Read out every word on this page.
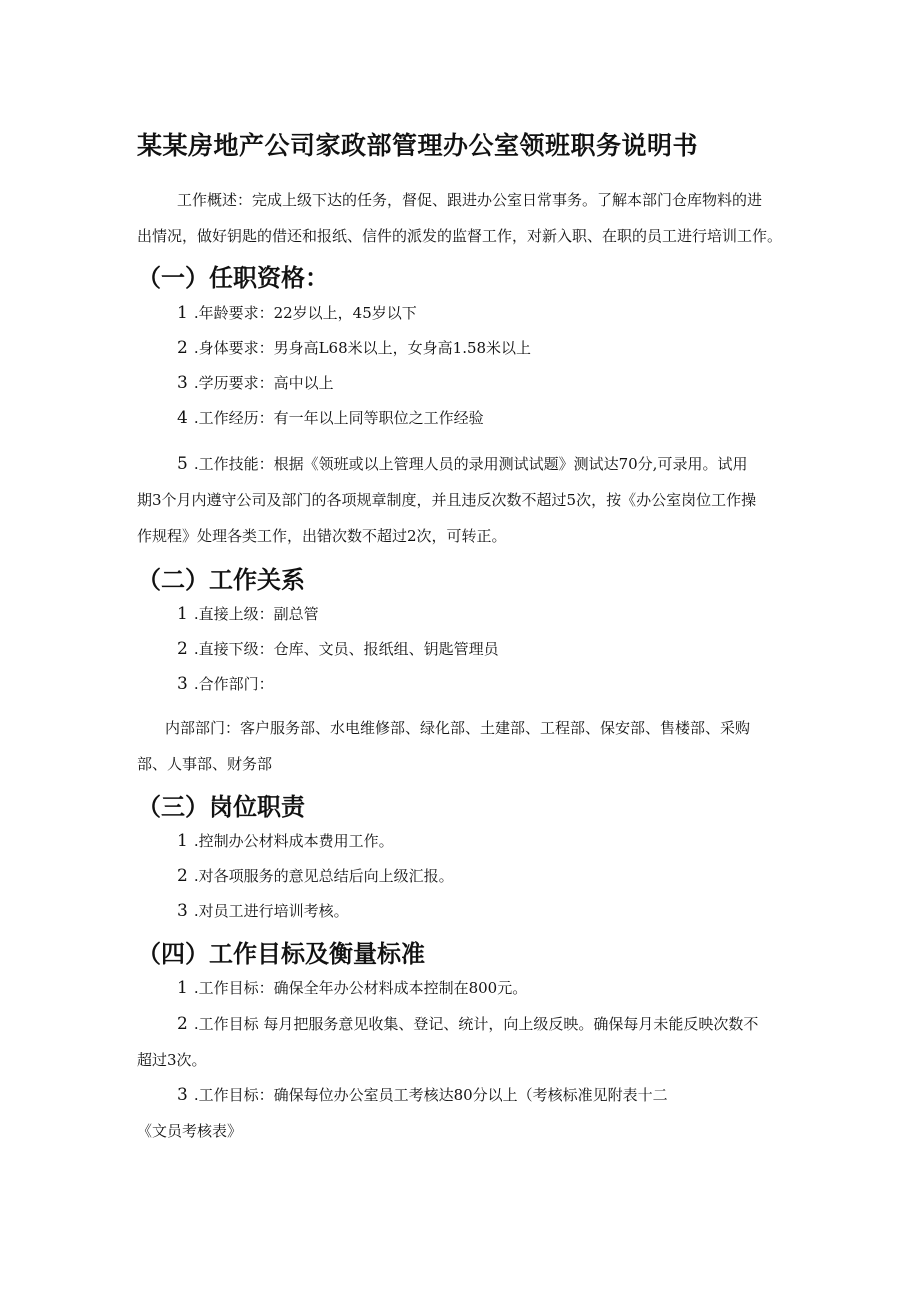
某某房地产公司家政部管理办公室领班职务说明书
工作概述：完成上级下达的任务，督促、跟进办公室日常事务。了解本部门仓库物料的进
出情况，做好钥匙的借还和报纸、信件的派发的监督工作，对新入职、在职的员工进行培训工作。
（一）任职资格：
1 .年龄要求：22岁以上，45岁以下
2 .身体要求：男身高L68米以上，女身高1.58米以上
3 .学历要求：高中以上
4 .工作经历：有一年以上同等职位之工作经验
5 .工作技能：根据《领班或以上管理人员的录用测试试题》测试达70分,可录用。试用
期3个月内遵守公司及部门的各项规章制度，并且违反次数不超过5次，按《办公室岗位工作操
作规程》处理各类工作，出错次数不超过2次，可转正。
（二）工作关系
1 .直接上级：副总管
2 .直接下级：仓库、文员、报纸组、钥匙管理员
3 .合作部门：
内部部门：客户服务部、水电维修部、绿化部、土建部、工程部、保安部、售楼部、采购
部、人事部、财务部
（三）岗位职责
1 .控制办公材料成本费用工作。
2 .对各项服务的意见总结后向上级汇报。
3 .对员工进行培训考核。
（四）工作目标及衡量标准
1 .工作目标：确保全年办公材料成本控制在800元。
2 .工作目标 每月把服务意见收集、登记、统计，向上级反映。确保每月未能反映次数不
超过3次。
3 .工作目标：确保每位办公室员工考核达80分以上（考核标准见附表十二
《文员考核表》
